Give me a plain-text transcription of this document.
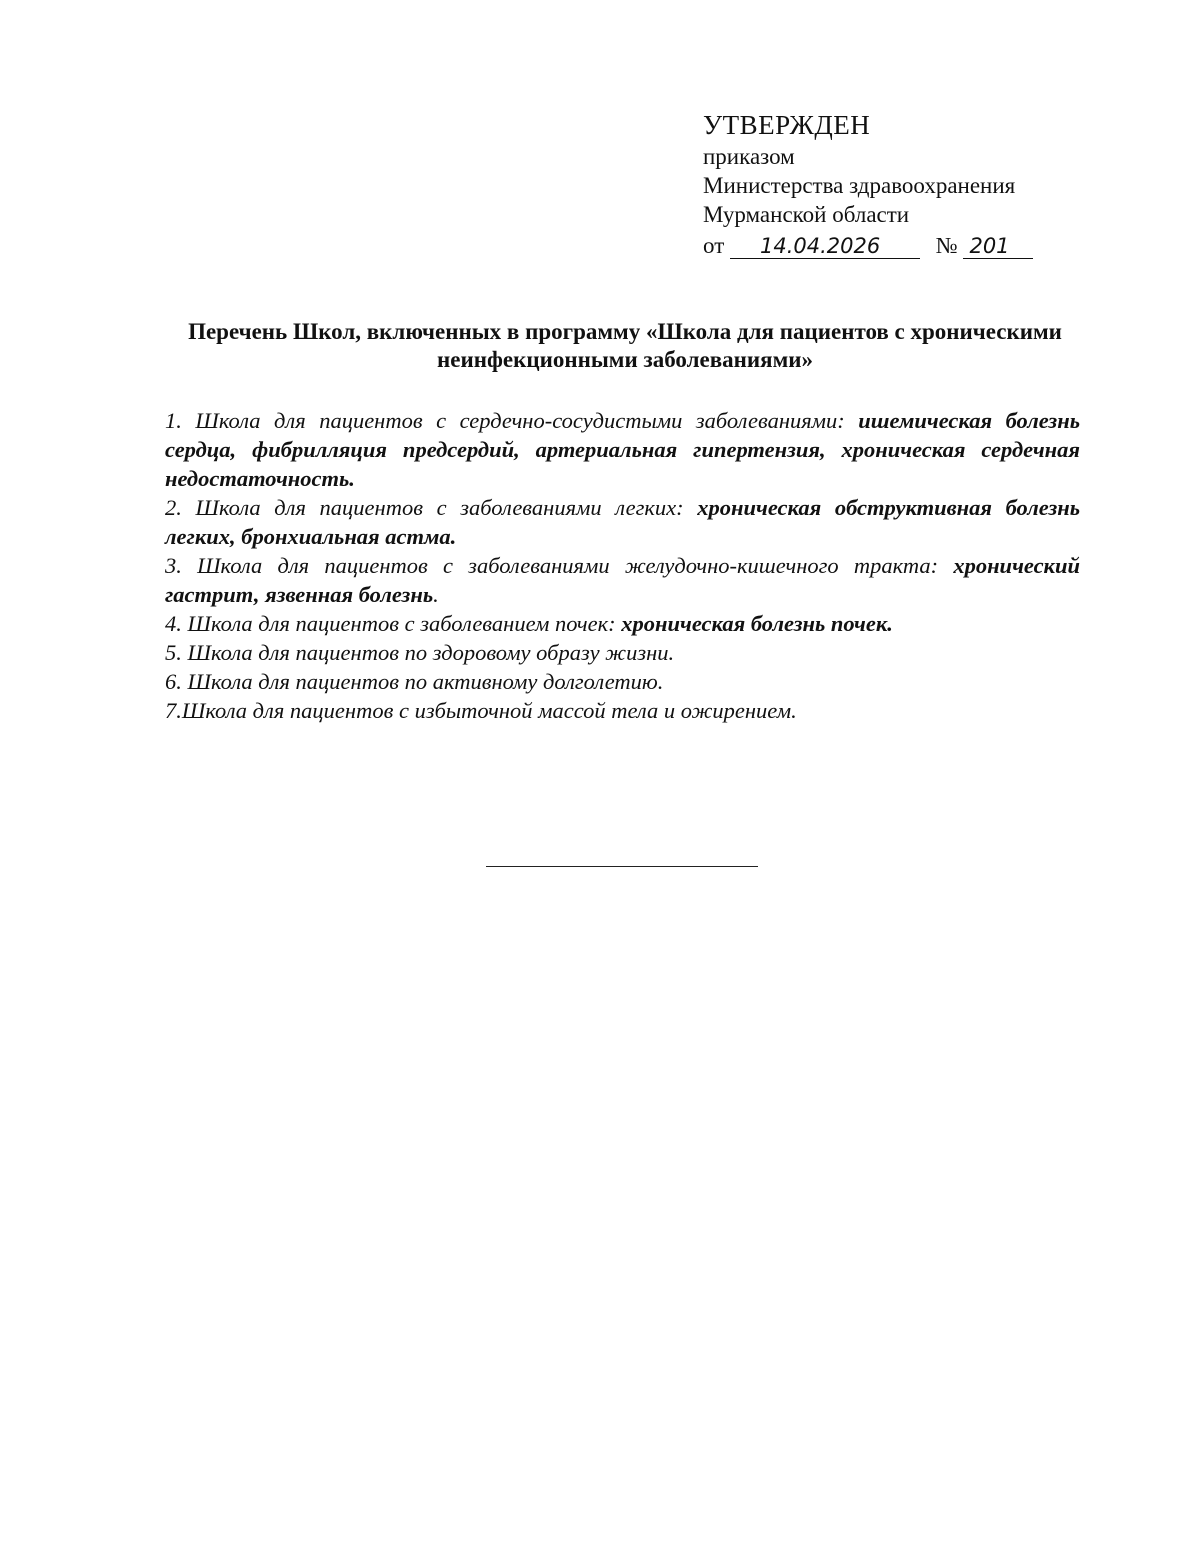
УТВЕРЖДЕН
приказом
Министерства здравоохранения
Мурманской области
от 14.04.2026 № 201
Перечень Школ, включенных в программу «Школа для пациентов с хроническими неинфекционными заболеваниями»

1. Школа для пациентов с сердечно-сосудистыми заболеваниями: ишемическая болезнь сердца, фибрилляция предсердий, артериальная гипертензия, хроническая сердечная недостаточность.

2. Школа для пациентов с заболеваниями легких: хроническая обструктивная болезнь легких, бронхиальная астма.

3. Школа для пациентов с заболеваниями желудочно-кишечного тракта: хронический гастрит, язвенная болезнь.

4. Школа для пациентов с заболеванием почек: хроническая болезнь почек.

5. Школа для пациентов по здоровому образу жизни.

6. Школа для пациентов по активному долголетию.

7.Школа для пациентов с избыточной массой тела и ожирением.
